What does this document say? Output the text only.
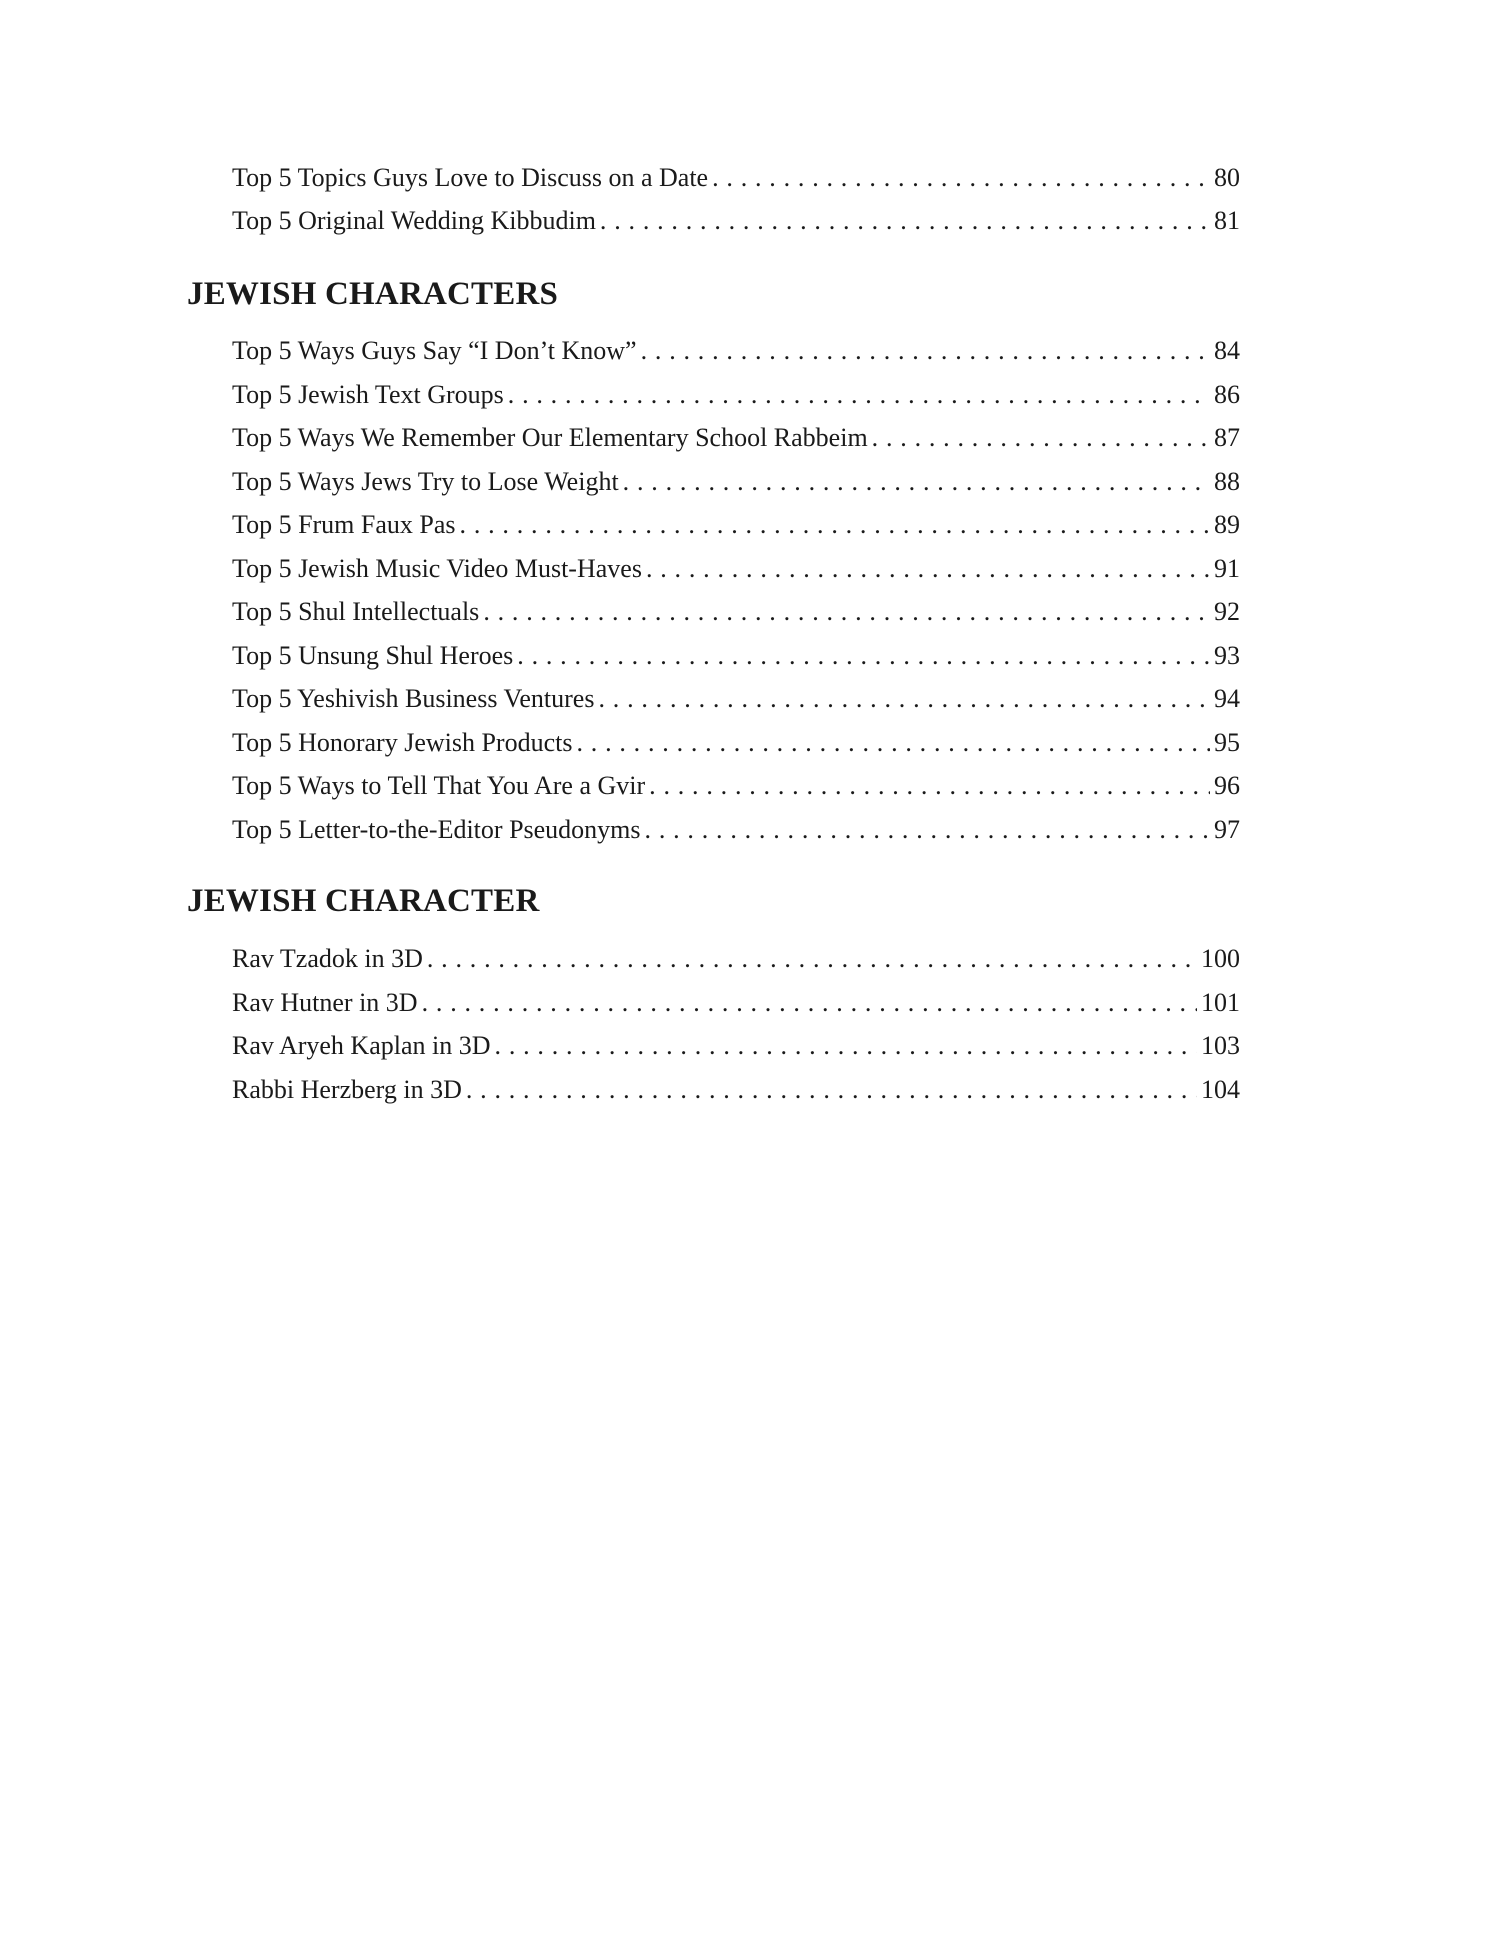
Top 5 Topics Guys Love to Discuss on a Date . . .	80
Top 5 Original Wedding Kibbudim . . .	81
JEWISH CHARACTERS
Top 5 Ways Guys Say “I Don’t Know” . . .	84
Top 5 Jewish Text Groups . . .	86
Top 5 Ways We Remember Our Elementary School Rabbeim . . .	87
Top 5 Ways Jews Try to Lose Weight . . .	88
Top 5 Frum Faux Pas . . .	89
Top 5 Jewish Music Video Must-Haves . . .	91
Top 5 Shul Intellectuals . . .	92
Top 5 Unsung Shul Heroes . . .	93
Top 5 Yeshivish Business Ventures . . .	94
Top 5 Honorary Jewish Products . . .	95
Top 5 Ways to Tell That You Are a Gvir . . .	96
Top 5 Letter-to-the-Editor Pseudonyms . . .	97
JEWISH CHARACTER
Rav Tzadok in 3D . . .	100
Rav Hutner in 3D . . .	101
Rav Aryeh Kaplan in 3D . . .	103
Rabbi Herzberg in 3D . . .	104
